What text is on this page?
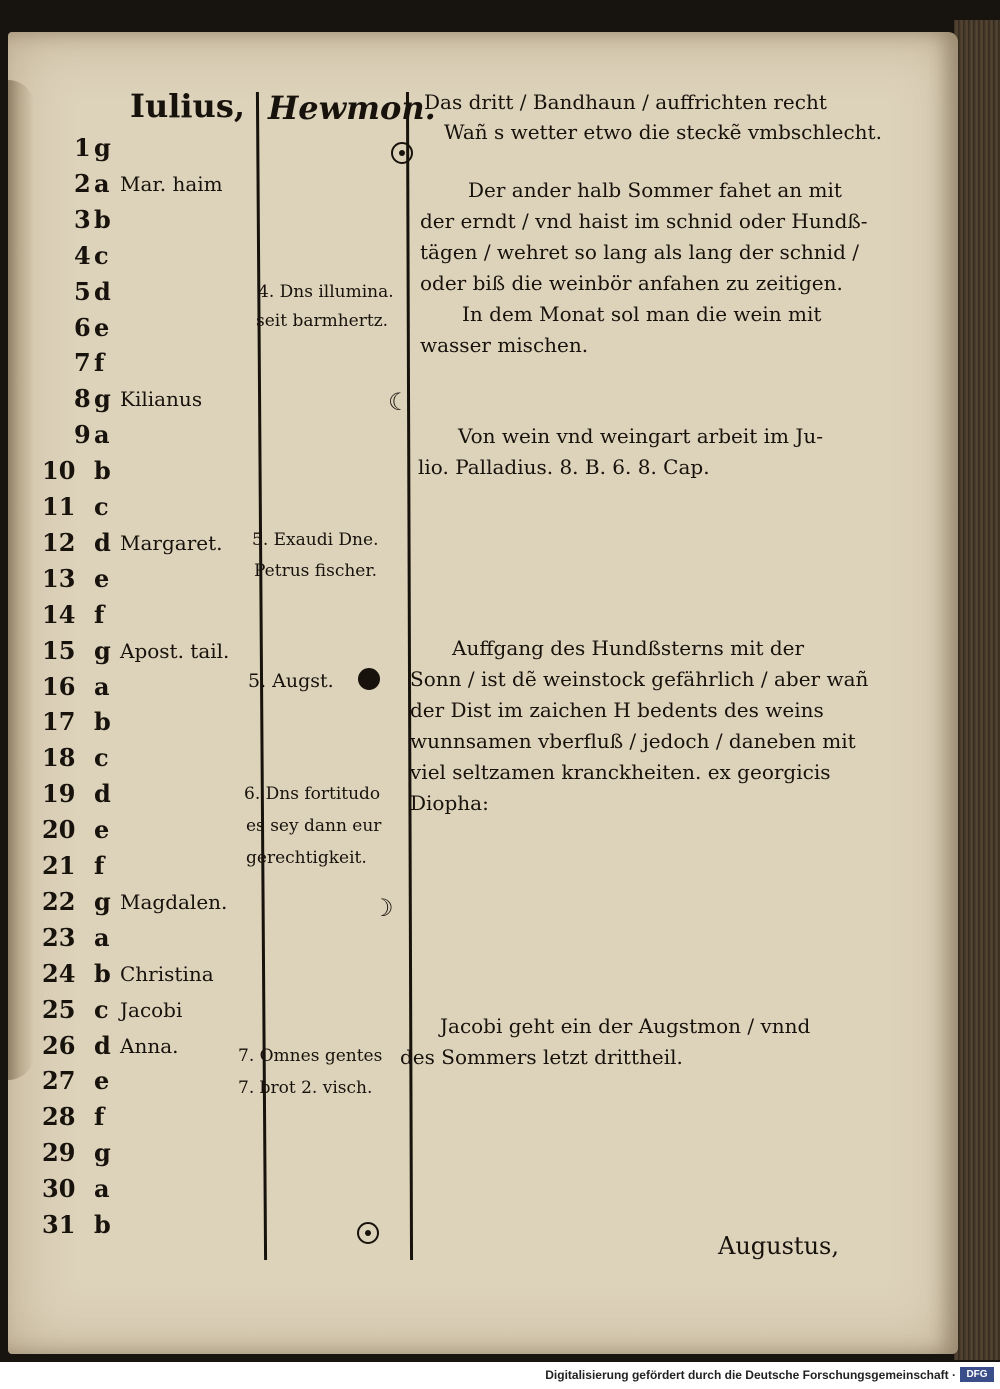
Iulius, Hewmon.
1 g
2 a Mar. haim
3 b
4 c
5 d
6 e
7 f
8 g Kilianus
9 a
10 b
11 c
12 d Margaret.
13 e
14 f
15 g Apost. tail.
16 a
17 b
18 c
19 d
20 e
21 f
22 g Magdalen.
23 a
24 b Christina
25 c Jacobi
26 d Anna.
27 e
28 f
29 g
30 a
31 b
4. Dns illumina.
seit barmhertz.
5. Exaudi Dne.
Petrus fischer.
5. Augst.
6. Dns fortitudo
es sey dann eur
gerechtigkeit.
7. Omnes gentes
7. brot 2. visch.
☾
☽
Das dritt / Bandhaun / auffrichten recht
Wañ s wetter etwo die steckẽ vmbschlecht.
Der ander halb Sommer fahet an mit
der erndt / vnd haist im schnid oder Hundß-
tägen / wehret so lang als lang der schnid /
oder biß die weinbör anfahen zu zeitigen.
In dem Monat sol man die wein mit
wasser mischen.
Von wein vnd weingart arbeit im Ju-
lio. Palladius. 8. B. 6. 8. Cap.
Auffgang des Hundßsterns mit der
Sonn / ist dẽ weinstock gefährlich / aber wañ
der Dist im zaichen H bedents des weins
wunnsamen vberfluß / jedoch / daneben mit
viel seltzamen kranckheiten. ex georgicis
Diopha:
Jacobi geht ein der Augstmon / vnnd
des Sommers letzt drittheil.
Augustus,
Digitalisierung gefördert durch die Deutsche Forschungsgemeinschaft ·	DFG
